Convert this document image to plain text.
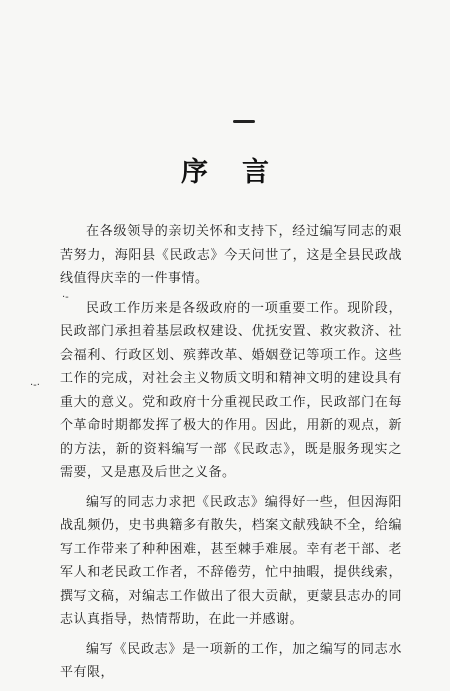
序言
·-
·-·

在各级领导的亲切关怀和支持下，经过编写同志的艰苦努力，海阳县《民政志》今天问世了，这是全县民政战线值得庆幸的一件事情。

民政工作历来是各级政府的一项重要工作。现阶段，民政部门承担着基层政权建设、优抚安置、救灾救济、社会福利、行政区划、殡葬改革、婚姻登记等项工作。这些工作的完成，对社会主义物质文明和精神文明的建设具有重大的意义。党和政府十分重视民政工作，民政部门在每个革命时期都发挥了极大的作用。因此，用新的观点，新的方法，新的资料编写一部《民政志》，既是服务现实之需要，又是惠及后世之义备。

编写的同志力求把《民政志》编得好一些，但因海阳战乱频仍，史书典籍多有散失，档案文献残缺不全，给编写工作带来了种种困难，甚至棘手难展。幸有老干部、老军人和老民政工作者，不辞倦劳，忙中抽暇，提供线索，撰写文稿，对编志工作做出了很大贡献，更蒙县志办的同志认真指导，热情帮助，在此一并感谢。

编写《民政志》是一项新的工作，加之编写的同志水平有限，
